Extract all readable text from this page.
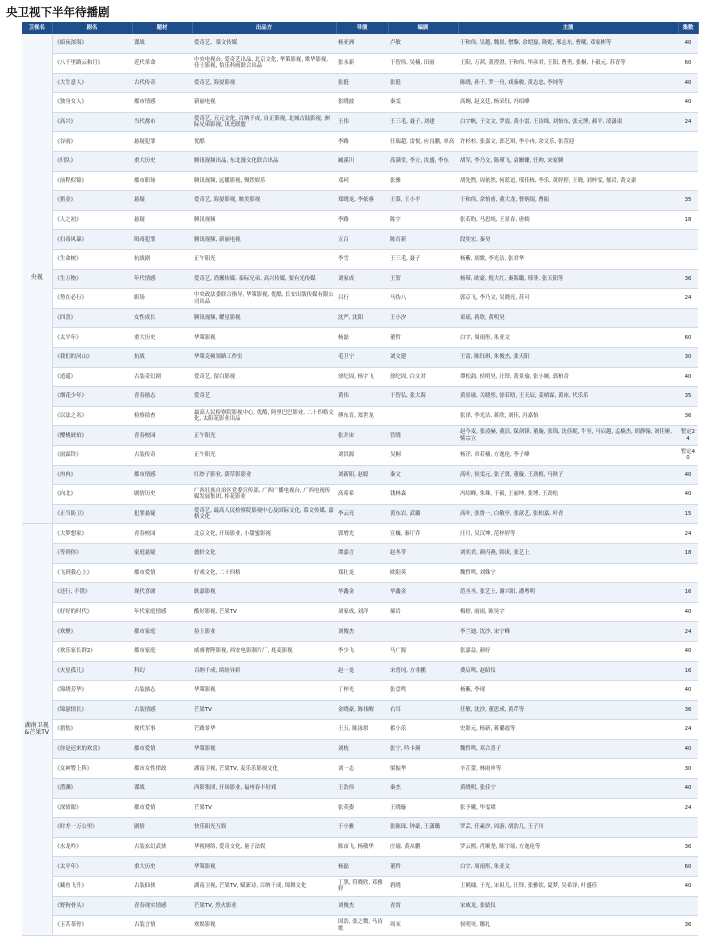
央卫视下半年待播剧
卫视名	剧名	题材	出品方	导演	编剧	主演	集数
央视	《暗夜深海》	谍战	爱奇艺、慕文传媒	杨亚洲	卢敏	于和伟, 吴越, 魏晨, 僧黎, 余皑磊, 隆妮, 邢志东, 曹曦, 邓家彬等	40
	《八千里路云和月》	近代革命	中央电视台, 爱奇艺出品, 北京文化, 华策影视, 歌华影视, 佳士影视, 恰乐科画联合出品	张永新	于智伟, 吴楠, 田雨	王阳, 万茜, 黄澄澄, 于和伟, 毕彦君, 王阳, 曹勇, 张桐, 卜毅元, 苏青等	60
	《大生意人》	古代传奇	爱奇艺, 海晏影视	张挺	张挺	陈晓, 孙千, 罗一舟, 戏秦骏, 黄志忠, 李纯等	40
	《独身女人》	都市情感	新丽电视	张晓波	秦雯	高婉, 赵又廷, 杨采钰, 冯绍峰	40
	《高兴》	当代都市	爱奇艺, 五元文化, 百纳千成, 自正影视, 北城古陆影视, 洲际兄弟影视, 讯光联盟	王伟	王三毛, 聂子, 刘建	白宇帆, 于文文, 罗震, 黄小雷, 王诗绵, 刘怡东, 张元博, 郝平, 凌潇肃	24
	《谷雨》	悬疑犯罪	优酷	李路	任瑞超, 雷悦, 应良鹏, 单高	许杉杉, 张嘉文, 郭艺琪, 李小冉, 余文乐, 张萱迎	
	《归队》	重大历史	腾讯视频出品, 东北漫文化联合出品	臧溪川	高满堂, 李立, 汝盛, 李东	胡军, 李乃文, 陈瑾飞, 袁姗姗, 任帅, 宋家腾	
	《前程似锦》	都市职场	腾讯视频, 远播影视, 慢铁娱乐	邓珂	张雅	胡先煦, 周依然, 何蓝逗, 邢佳栋, 李乐, 黄婷婷, 王晓, 刘梓雯, 郁岩, 黄文豪	
	《猎金》	悬疑	爱奇艺, 海晏影视, 映美影视	郑晓龙, 李依睿	王慕, 王小平	于和伟, 余怡甫, 董大龙, 曹炳琨, 曹振	35
	《人之初》	悬疑	腾讯视频	李路	陈宇	张若昀, 马思纯, 王景春, 唐嫣	18
	《扫毒风暴》	缉毒犯罪	腾讯视频, 新丽电视	五百	陈育新	段奕宏, 秦昊	
	《生命树》	抗战剧	正午阳光	李雪	王三毛, 聂子	杨紫, 胡歌, 李光洁, 张君华	
	《生万物》	年代情感	爱奇艺, 尚馨传媒, 泰际兄弟, 高兴传媒, 要有光传媒	刘家成	王贺	杨幂, 欧豪, 倪大红, 秦海璐, 邢菲, 张天阳等	36
	《势在必行》	职场	中央政法委联合指导, 华策影视, 优酷, 长安出版传媒有限公司出品	吕行	马伪八	郭京飞, 李乃文, 吴晓亮, 苏可	24
	《四喜》	女性成长	腾讯视频, 耀星影视	沈严, 沈阳	王小汐	童瑶, 蒋欣, 黄明昊	
	《太平年》	重大历史	华策影视	杨磊	董哲	白宇, 周雨彤, 朱亚文	60
	《我们的河山》	抗战	华策克顿领路工作室	毛卫宁	刘文建	王雷, 陈钰琪, 朱俊杰, 张天阳	30
	《逍遥》	古装奇幻剧	爱奇艺, 留白影视	徐纪周, 杨宇飞	徐纪周, 白文君	谭松韵, 侯明昊, 汪铎, 黄景瑜, 张小婉, 郭柏奇	40
	《烟花少年》	青春励志	爱奇艺	黄伟	于智弘, 张大海	黄景瑜, 关晓彤, 徐若晗, 王天辰, 姜晴霖, 黄冰, 代乐乐	35
	《以法之名》	检察侦查	最高人民检察院影视中心, 优酷, 阿里巴巴影业, 二十四格文化, 太阳花影业出品	傅东育, 郑世龙		张译, 李光洁, 蒋欣, 刘佳, 冯嘉怡	36
	《樱桃琥珀》	青春校园	正午阳光	张开宙	管晓	赵今麦, 张凌赫, 董洁, 保剑锋, 董璇, 张锦, 沈佳妮, 牛至, 马启越, 孟楠杰, 胡静翰, 刘佳娅, 柴宗立	暂定24
	《雨霖铃》	古装传奇	正午阳光	刘洪源	吴桐	杨洋, 章若楠, 方逸伦, 李子峰	暂定40
	《冉冉》	都市情感	红纱子影业, 荫草影影业	刘新阳, 赵聪	秦文	高叶, 侯雯元, 张子贤, 董璇, 王劲植, 马秋子	40
	《向北》	剧情历史	广西壮族自治区党委宣传部, 广西广播电视台, 广西电视传媒发展集团, 桂花影业	高希希	钱林森	冯绍峰, 朱珠, 于毅, 王丽坤, 张博, 王劲松	40
	《正当防卫》	犯罪悬疑	爱奇艺, 最高人民检察院影视中心及国际文化, 慕文传媒, 嘉格文化	李云亮	黄东岩, 武璐	高叶, 张鲁一, 白敬亭, 张歆艺, 张柏嘉, 叶青	15
湖南卫视&芒果TV	《大梦想家》	青春校园	北京文化, 开场影业, 小甜蜜影视	郭增光	宣巍, 秦厅乔	汪月, 吴汉坤, 范梓婷等	24
	《等到你》	家庭悬疑	德轩文化	谭嘉言	赵冬苓	刘奕君, 颜丙燕, 韩庚, 张艺上	18
	《飞到我心上》	都市爱情	好戏文化, 二十四格	郑壮龙	欧阳英	魏哲鸣, 刘姝宁	
	《还行, 不错》	现代喜剧	耿嘉影视	毕鑫金	毕鑫金	范丞丞, 张艺上, 谢兴阳, 潘粤明	16
	《好好的时代》	年代家庭情感	酷好影视, 芒果TV	刘家成, 刘洋	郝岩	梅婷, 雨雨, 陈昊宇	40
	《欢聚》	都市家庭	捡上影业	刘俊杰		李兰迪, 沈沙, 宋宁峰	24
	《欢乐家长群2》	都市家庭	威睿奢陛影视, 西安电影制片厂, 兆麦影视	李少飞	马广源	张嘉益, 颜好	40
	《火星孤儿》	科幻	百纳千成, 缤纷异彩	赵一龙	宋晋冈, 方非鹏	费启鸣, 赵昭仪	16
	《锦绣芳华》	古装励志	华策影视	丁梓光	张壹鸣	杨紫, 李现	40
	《锦瑟情长》	古装情感	芒果TV	金晓豪, 陈伟醒	右耳	任敏, 沈沙, 董思成, 黄芹等	36
	《猎豹》	现代军事	芒路景华	王五, 陈泳垠	蓄小乐	史影元, 杨新, 蒋璐霞等	24
	《你是迟来的欢喜》	都市爱情	华策影视	刘枕	张宁, 吟卡瑛	魏哲鸣, 邓合喜子	40
	《女神警上阵》	都市女性律政	湖南卫视, 芒果TV, 麦乐乐影视文化	刘一志	梁振华	辛芷蕾, 林雨申等	30
	《潜渊》	谍战	西影集团, 开场影业, 福州春丰好戏	王浩伟	秦杰	黄晓明, 张佳宁	40
	《深情眼》	都市爱情	芒果TV	张英姿	王晓璇	张予曦, 毕雯珺	24
	《时差一万公里》	剧情	快乐阳光互娱	于小雅	张陈琛, 钟豪, 王潇璐	罗芸, 任素汐, 周游, 胡浩儿, 王子川	
	《水龙吟》	古装玄幻武侠	华视网络, 爱奇文化, 量子法娱	陈宙飞, 杨敬华	庄瑜, 黄从鹏	罗云熙, 肖顺尧, 陈宇瑶, 方逸伦等	36
	《太平年》	重大历史	华策影视	杨磊	董哲	白宇, 周雨彤, 朱亚文	60
	《藏鱼飞升》	古装仙侠	湖南卫视, 芒果TV, 赋新诗, 百纳千成, 锦舞文化	丁黑, 符晓欣, 邓雅婷	碧晓	王鹤棣, 于光, 宋祖儿, 汪铎, 张雅钦, 夏梦, 吴希泽, 叶盛佳	40
	《野狗骨头》	青春现实情感	芒果TV, 烈火影业	刘俊杰	青霄	宋威龙, 张婧仪	
	《玉茗茶骨》	古装言情	欢娱影视	国浩, 张之微, 马诗歌	周末	侯明昊, 娜扎	36
